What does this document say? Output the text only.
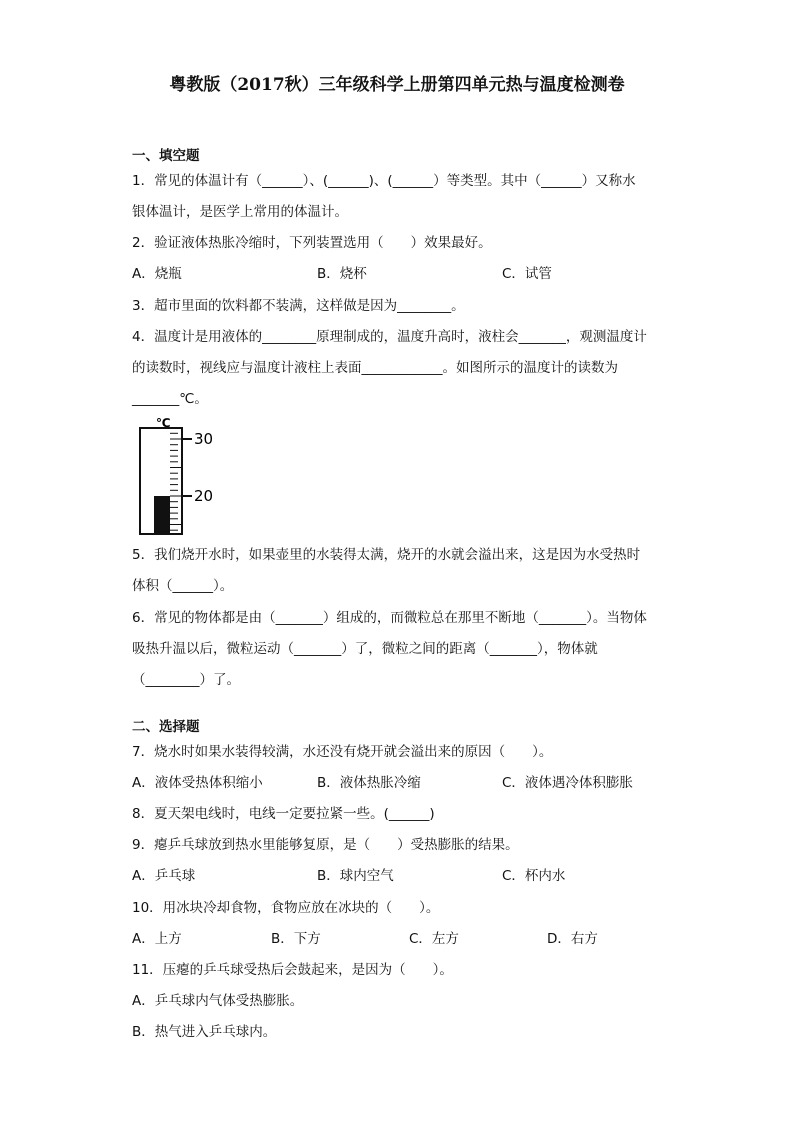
粤教版（2017秋）三年级科学上册第四单元热与温度检测卷
一、填空题
1．常见的体温计有（______）、(______)、(______）等类型。其中（______）又称水
银体温计，是医学上常用的体温计。
2．验证液体热胀冷缩时，下列装置选用（　　）效果最好。
A．烧瓶	B．烧杯	C．试管
3．超市里面的饮料都不装满，这样做是因为________。
4．温度计是用液体的________原理制成的，温度升高时，液柱会_______，观测温度计
的读数时，视线应与温度计液柱上表面____________。如图所示的温度计的读数为
_______℃。
℃
30
20
5．我们烧开水时，如果壶里的水装得太满，烧开的水就会溢出来，这是因为水受热时
体积（______）。
6．常见的物体都是由（_______）组成的，而微粒总在那里不断地（_______）。当物体
吸热升温以后，微粒运动（_______）了，微粒之间的距离（_______），物体就
（________）了。
二、选择题
7．烧水时如果水装得较满，水还没有烧开就会溢出来的原因（　　）。
A．液体受热体积缩小	B．液体热胀冷缩	C．液体遇冷体积膨胀
8．夏天架电线时，电线一定要拉紧一些。(______)
9．瘪乒乓球放到热水里能够复原，是（　　）受热膨胀的结果。
A．乒乓球	B．球内空气	C．杯内水
10．用冰块冷却食物，食物应放在冰块的（　　）。
A．上方	B．下方	C．左方	D．右方
11．压瘪的乒乓球受热后会鼓起来，是因为（　　）。
A．乒乓球内气体受热膨胀。
B．热气进入乒乓球内。
